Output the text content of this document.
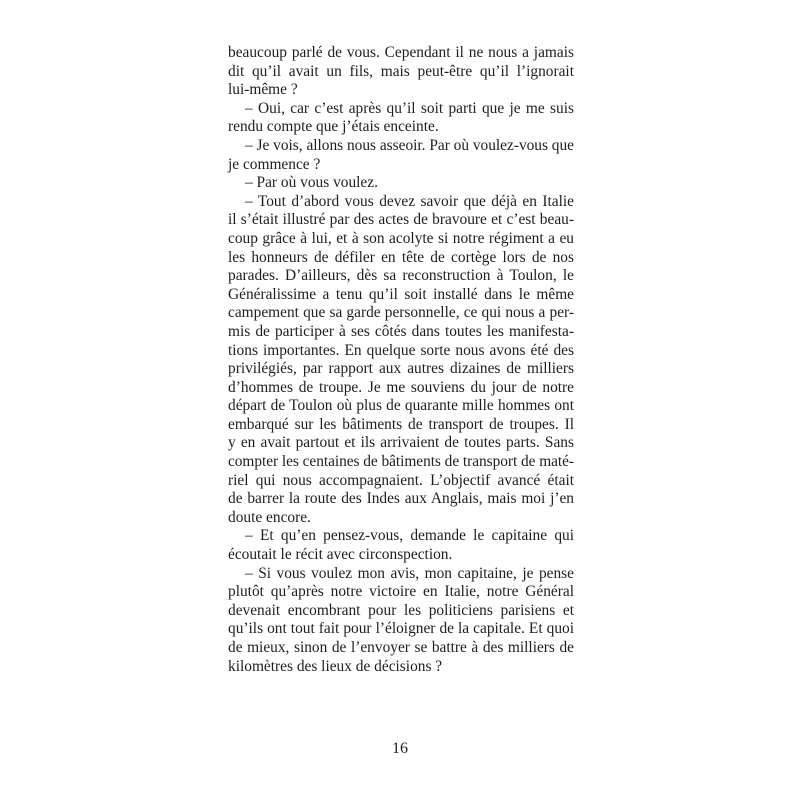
beaucoup parlé de vous. Cependant il ne nous a jamais
dit qu’il avait un fils, mais peut-être qu’il l’ignorait
lui-même ?
– Oui, car c’est après qu’il soit parti que je me suis
rendu compte que j’étais enceinte.
– Je vois, allons nous asseoir. Par où voulez-vous que
je commence ?
– Par où vous voulez.
– Tout d’abord vous devez savoir que déjà en Italie
il s’était illustré par des actes de bravoure et c’est beau-
coup grâce à lui, et à son acolyte si notre régiment a eu
les honneurs de défiler en tête de cortège lors de nos
parades. D’ailleurs, dès sa reconstruction à Toulon, le
Généralissime a tenu qu’il soit installé dans le même
campement que sa garde personnelle, ce qui nous a per-
mis de participer à ses côtés dans toutes les manifesta-
tions importantes. En quelque sorte nous avons été des
privilégiés, par rapport aux autres dizaines de milliers
d’hommes de troupe. Je me souviens du jour de notre
départ de Toulon où plus de quarante mille hommes ont
embarqué sur les bâtiments de transport de troupes. Il
y en avait partout et ils arrivaient de toutes parts. Sans
compter les centaines de bâtiments de transport de maté-
riel qui nous accompagnaient. L’objectif avancé était
de barrer la route des Indes aux Anglais, mais moi j’en
doute encore.
– Et qu’en pensez-vous, demande le capitaine qui
écoutait le récit avec circonspection.
– Si vous voulez mon avis, mon capitaine, je pense
plutôt qu’après notre victoire en Italie, notre Général
devenait encombrant pour les politiciens parisiens et
qu’ils ont tout fait pour l’éloigner de la capitale. Et quoi
de mieux, sinon de l’envoyer se battre à des milliers de
kilomètres des lieux de décisions ?
16
